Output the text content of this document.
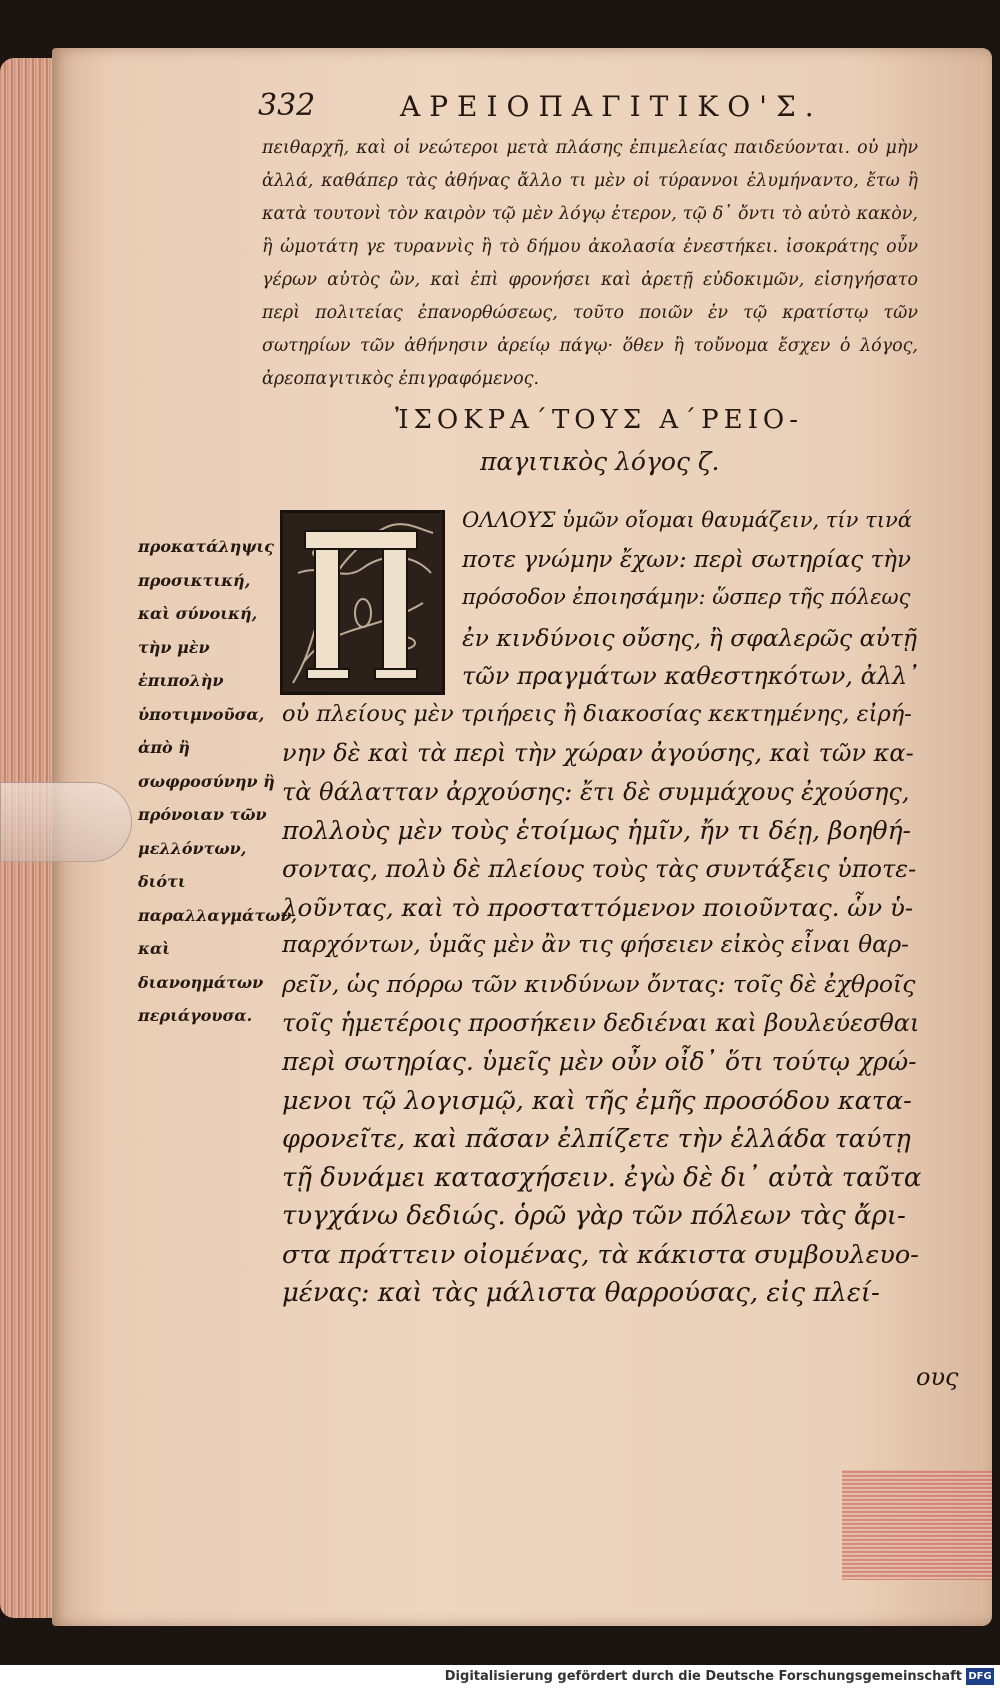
332	ΑΡΕΙΟΠΑΓΙΤΙΚΟ'Σ.
πειθαρχῆ, καὶ οἱ νεώτεροι μετὰ πλάσης ἐπιμελείας παιδεύονται. οὐ μὴν ἀλλά, καθάπερ τὰς ἀθήνας ἄλλο τι μὲν οἱ τύραννοι ἐλυμήναντο, ἔτω ἢ κατὰ τουτονὶ τὸν καιρὸν τῷ μὲν λόγῳ ἐτερον, τῷ δ᾽ ὄντι τὸ αὐτὸ κακὸν, ἣ ὠμοτάτη γε τυραννὶς ἢ τὸ δήμου ἀκολασία ἐνεστήκει. ἰσοκράτης οὖν γέρων αὐτὸς ὢν, καὶ ἐπὶ φρονήσει καὶ ἀρετῇ εὐδοκιμῶν, εἰσηγήσατο περὶ πολιτείας ἐπανορθώσεως, τοῦτο ποιῶν ἐν τῷ κρατίστῳ τῶν σωτηρίων τῶν ἀθήνησιν ἀρείῳ πάγῳ· ὅθεν ἢ τοὔνομα ἔσχεν ὁ λόγος, ἀρεοπαγιτικὸς ἐπιγραφόμενος.
ἸΣΟΚΡΑ΄ΤΟΥΣ Α΄ΡΕΙΟ-
παγιτικὸς λόγος ζ.
προκατάληψις προσικτική, καὶ σύνοική, τὴν μὲν ἐπιπολὴν ὑποτιμνοῦσα, ἀπὸ ἢ σωφροσύνην ἢ πρόνοιαν τῶν μελλόντων, διότι παραλλαγμάτων, καὶ διανοημάτων περιάγουσα.
ΟΛΛΟΥΣ ὑμῶν οἴομαι θαυμάζειν, τίν τινά
ποτε γνώμην ἔχων: περὶ σωτηρίας τὴν
πρόσοδον ἐποιησάμην: ὥσπερ τῆς πόλεως
ἐν κινδύνοις οὔσης, ἢ σφαλερῶς αὐτῇ
τῶν πραγμάτων καθεστηκότων, ἀλλ᾽
οὐ πλείους μὲν τριήρεις ἢ διακοσίας κεκτημένης, εἰρή-
νην δὲ καὶ τὰ περὶ τὴν χώραν ἀγούσης, καὶ τῶν κα-
τὰ θάλατταν ἀρχούσης: ἔτι δὲ συμμάχους ἐχούσης,
πολλοὺς μὲν τοὺς ἑτοίμως ἡμῖν, ἤν τι δέῃ, βοηθή-
σοντας, πολὺ δὲ πλείους τοὺς τὰς συντάξεις ὑποτε-
λοῦντας, καὶ τὸ προσταττόμενον ποιοῦντας. ὧν ὑ-
παρχόντων, ὑμᾶς μὲν ἂν τις φήσειεν εἰκὸς εἶναι θαρ-
ρεῖν, ὡς πόρρω τῶν κινδύνων ὄντας: τοῖς δὲ ἐχθροῖς
τοῖς ἡμετέροις προσήκειν δεδιέναι καὶ βουλεύεσθαι
περὶ σωτηρίας. ὑμεῖς μὲν οὖν οἶδ᾽ ὅτι τούτῳ χρώ-
μενοι τῷ λογισμῷ, καὶ τῆς ἐμῆς προσόδου κατα-
φρονεῖτε, καὶ πᾶσαν ἐλπίζετε τὴν ἑλλάδα ταύτῃ
τῇ δυνάμει κατασχήσειν. ἐγὼ δὲ δι᾽ αὐτὰ ταῦτα
τυγχάνω δεδιώς. ὁρῶ γὰρ τῶν πόλεων τὰς ἄρι-
στα πράττειν οἰομένας, τὰ κάκιστα συμβουλευο-
μένας: καὶ τὰς μάλιστα θαρρούσας, εἰς πλεί-
ους
Digitalisierung gefördert durch die Deutsche Forschungsgemeinschaft DFG
